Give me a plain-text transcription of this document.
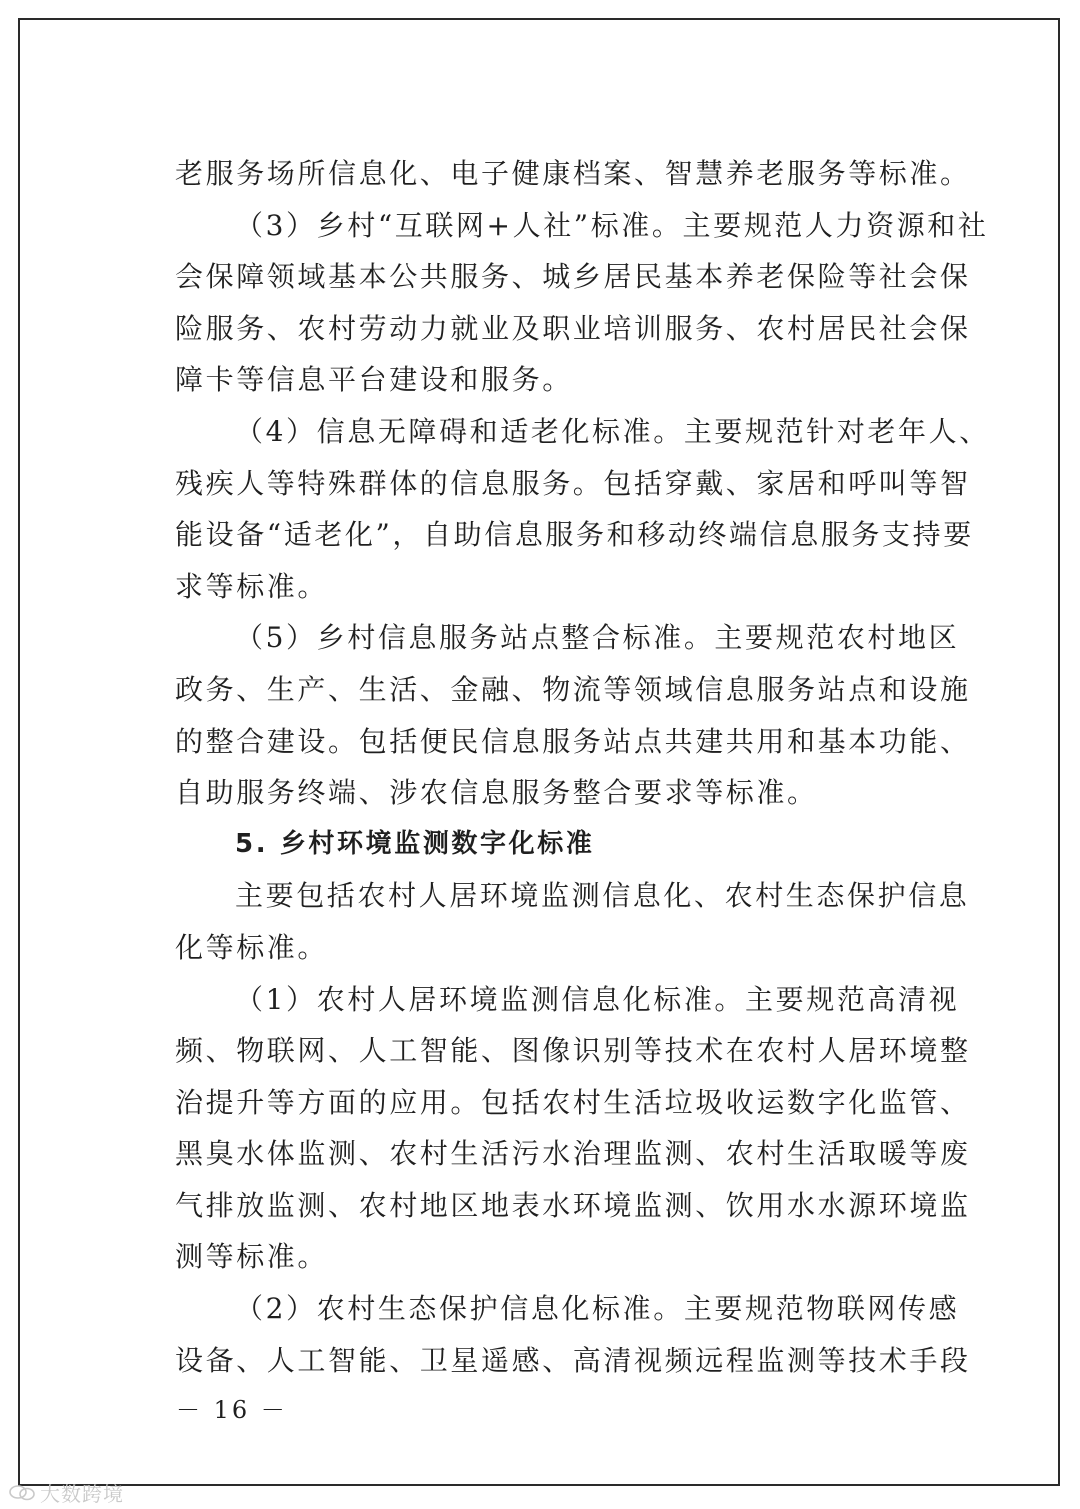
老服务场所信息化、电子健康档案、智慧养老服务等标准。
（3）乡村“互联网+人社”标准。主要规范人力资源和社
会保障领域基本公共服务、城乡居民基本养老保险等社会保
险服务、农村劳动力就业及职业培训服务、农村居民社会保
障卡等信息平台建设和服务。
（4）信息无障碍和适老化标准。主要规范针对老年人、
残疾人等特殊群体的信息服务。包括穿戴、家居和呼叫等智
能设备“适老化”，自助信息服务和移动终端信息服务支持要
求等标准。
（5）乡村信息服务站点整合标准。主要规范农村地区
政务、生产、生活、金融、物流等领域信息服务站点和设施
的整合建设。包括便民信息服务站点共建共用和基本功能、
自助服务终端、涉农信息服务整合要求等标准。
5. 乡村环境监测数字化标准
主要包括农村人居环境监测信息化、农村生态保护信息
化等标准。
（1）农村人居环境监测信息化标准。主要规范高清视
频、物联网、人工智能、图像识别等技术在农村人居环境整
治提升等方面的应用。包括农村生活垃圾收运数字化监管、
黑臭水体监测、农村生活污水治理监测、农村生活取暖等废
气排放监测、农村地区地表水环境监测、饮用水水源环境监
测等标准。
（2）农村生态保护信息化标准。主要规范物联网传感
设备、人工智能、卫星遥感、高清视频远程监测等技术手段
－ 16 －
大数跨境
